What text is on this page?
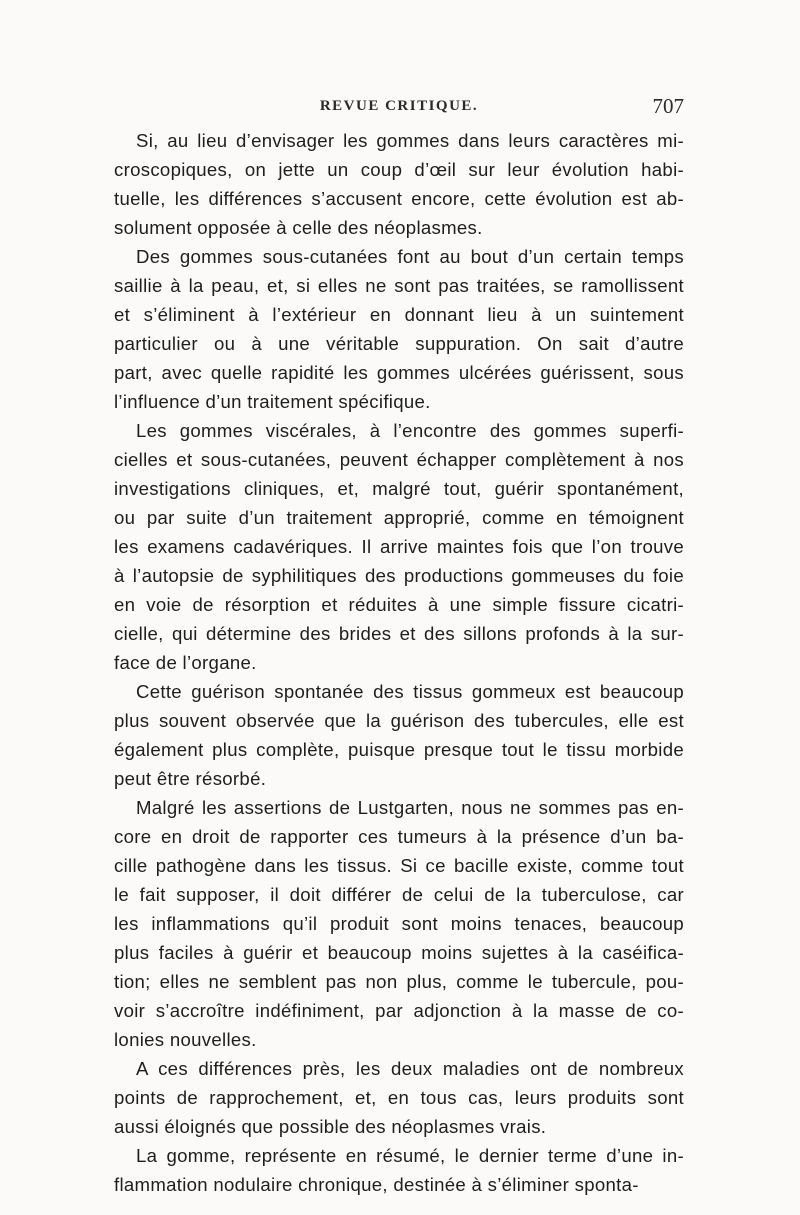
REVUE CRITIQUE.	707

Si, au lieu d’envisager les gommes dans leurs caractères mi-
croscopiques, on jette un coup d’œil sur leur évolution habi-
tuelle, les différences s’accusent encore, cette évolution est ab-
solument opposée à celle des néoplasmes.

Des gommes sous-cutanées font au bout d’un certain temps
saillie à la peau, et, si elles ne sont pas traitées, se ramollissent
et s’éliminent à l’extérieur en donnant lieu à un suintement
particulier ou à une véritable suppuration. On sait d’autre
part, avec quelle rapidité les gommes ulcérées guérissent, sous
l’influence d’un traitement spécifique.

Les gommes viscérales, à l’encontre des gommes superfi-
cielles et sous-cutanées, peuvent échapper complètement à nos
investigations cliniques, et, malgré tout, guérir spontanément,
ou par suite d’un traitement approprié, comme en témoignent
les examens cadavériques. Il arrive maintes fois que l’on trouve
à l’autopsie de syphilitiques des productions gommeuses du foie
en voie de résorption et réduites à une simple fissure cicatri-
cielle, qui détermine des brides et des sillons profonds à la sur-
face de l’organe.

Cette guérison spontanée des tissus gommeux est beaucoup
plus souvent observée que la guérison des tubercules, elle est
également plus complète, puisque presque tout le tissu morbide
peut être résorbé.

Malgré les assertions de Lustgarten, nous ne sommes pas en-
core en droit de rapporter ces tumeurs à la présence d’un ba-
cille pathogène dans les tissus. Si ce bacille existe, comme tout
le fait supposer, il doit différer de celui de la tuberculose, car
les inflammations qu’il produit sont moins tenaces, beaucoup
plus faciles à guérir et beaucoup moins sujettes à la caséifica-
tion; elles ne semblent pas non plus, comme le tubercule, pou-
voir s’accroître indéfiniment, par adjonction à la masse de co-
lonies nouvelles.

A ces différences près, les deux maladies ont de nombreux
points de rapprochement, et, en tous cas, leurs produits sont
aussi éloignés que possible des néoplasmes vrais.

La gomme, représente en résumé, le dernier terme d’une in-
flammation nodulaire chronique, destinée à s’éliminer sponta-
